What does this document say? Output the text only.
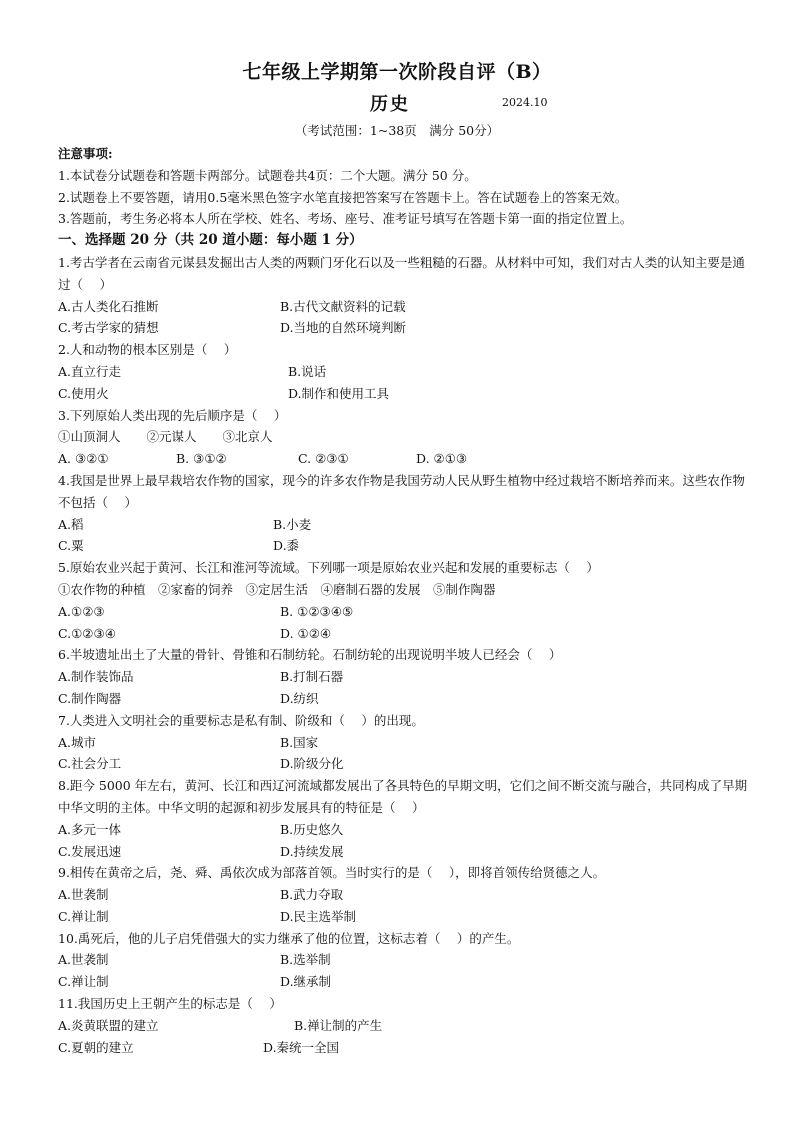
七年级上学期第一次阶段自评（B）
历史	2024.10
（考试范围：1~38页　满分 50分）
注意事项:
1.本试卷分试题卷和答题卡两部分。试题卷共4页：二个大题。满分 50 分。
2.试题卷上不要答题，请用0.5毫米黑色签字水笔直接把答案写在答题卡上。答在试题卷上的答案无效。
3.答题前，考生务必将本人所在学校、姓名、考场、座号、准考证号填写在答题卡第一面的指定位置上。
一、选择题 20 分（共 20 道小题：每小题 1 分）
1.考古学者在云南省元谋县发掘出古人类的两颗门牙化石以及一些粗糙的石器。从材料中可知，我们对古人类的认知主要是通过（　 ）
A.古人类化石推断	B.古代文献资料的记载
C.考古学家的猜想	D.当地的自然环境判断
2.人和动物的根本区别是（　 ）
A.直立行走	B.说话
C.使用火	D.制作和使用工具
3.下列原始人类出现的先后顺序是（　 ）
①山顶洞人 ②元谋人 ③北京人
A. ③②①	B. ③①②	C. ②③①	D. ②①③
4.我国是世界上最早栽培农作物的国家，现今的许多农作物是我国劳动人民从野生植物中经过栽培不断培养而来。这些农作物不包括（　 ）
A.稻	B.小麦
C.粟	D.黍
5.原始农业兴起于黄河、长江和淮河等流域。下列哪一项是原始农业兴起和发展的重要标志（　 ）
①农作物的种植　②家畜的饲养　③定居生活　④磨制石器的发展　⑤制作陶器
A.①②③	B. ①②③④⑤
C.①②③④	D. ①②④
6.半坡遗址出土了大量的骨针、骨锥和石制纺轮。石制纺轮的出现说明半坡人已经会（　 ）
A.制作装饰品	B.打制石器
C.制作陶器	D.纺织
7.人类进入文明社会的重要标志是私有制、阶级和（　 ）的出现。
A.城市	B.国家
C.社会分工	D.阶级分化
8.距今 5000 年左右，黄河、长江和西辽河流域都发展出了各具特色的早期文明，它们之间不断交流与融合，共同构成了早期中华文明的主体。中华文明的起源和初步发展具有的特征是（　 ）
A.多元一体	B.历史悠久
C.发展迅速	D.持续发展
9.相传在黄帝之后，尧、舜、禹依次成为部落首领。当时实行的是（　 ），即将首领传给贤德之人。
A.世袭制	B.武力夺取
C.禅让制	D.民主选举制
10.禹死后，他的儿子启凭借强大的实力继承了他的位置，这标志着（　 ）的产生。
A.世袭制	B.选举制
C.禅让制	D.继承制
11.我国历史上王朝产生的标志是（　 ）
A.炎黄联盟的建立	B.禅让制的产生
C.夏朝的建立	D.秦统一全国
